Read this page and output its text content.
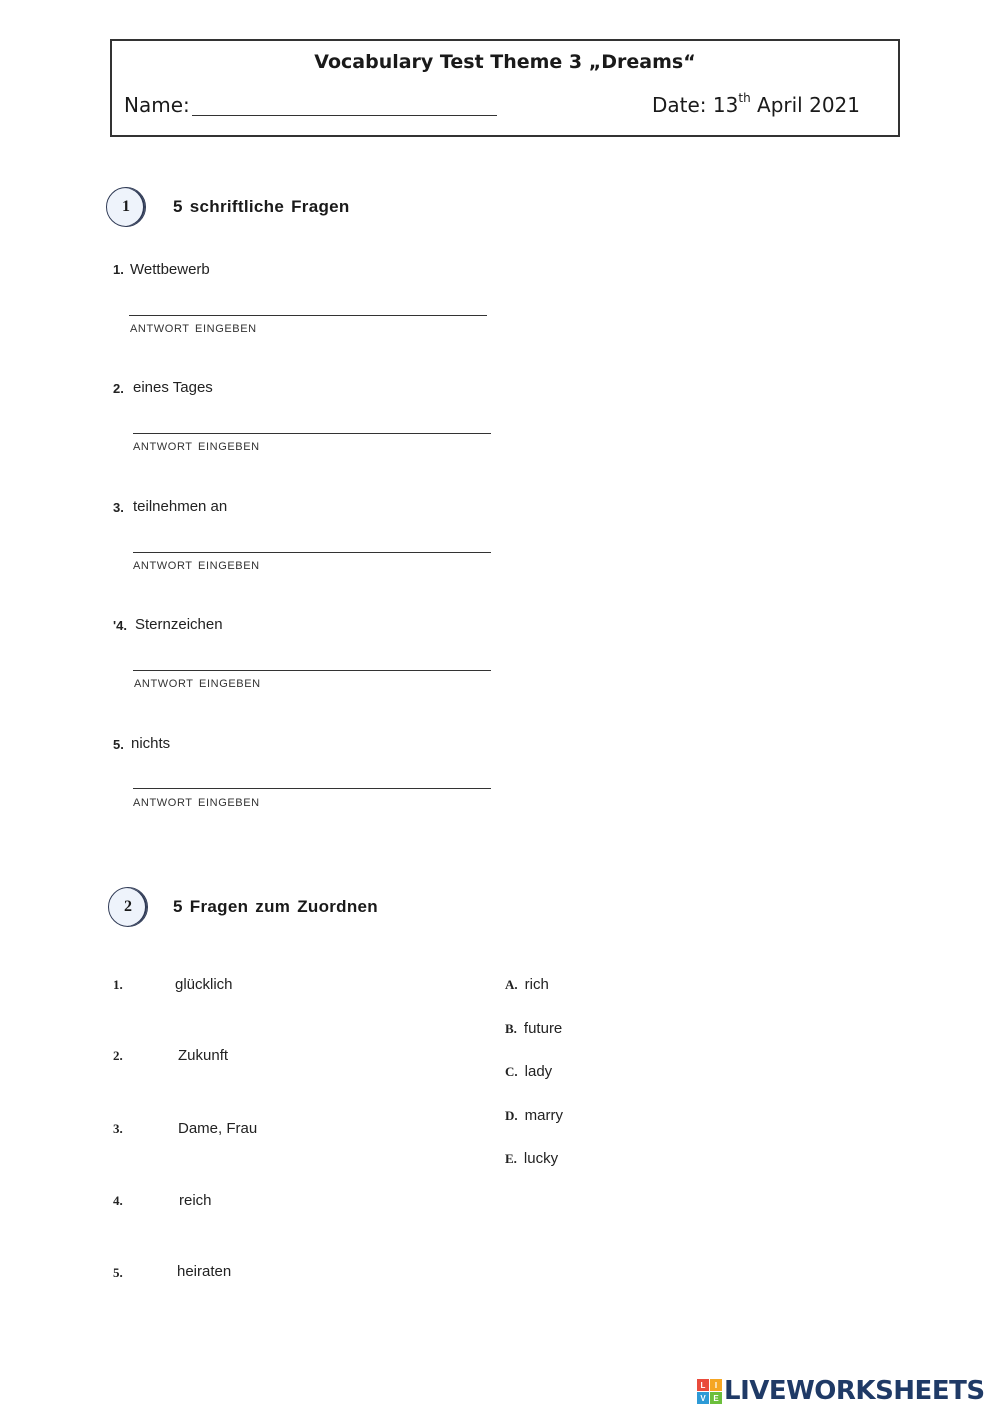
Vocabulary Test Theme 3 „Dreams“
Name:	Date: 13th April 2021
1	5 schriftliche Fragen
1. Wettbewerb
ANTWORT EINGEBEN
2. eines Tages
ANTWORT EINGEBEN
3. teilnehmen an
ANTWORT EINGEBEN
'4. Sternzeichen
ANTWORT EINGEBEN
5. nichts
ANTWORT EINGEBEN
2	5 Fragen zum Zuordnen
1.	glücklich
2.	Zukunft
3.	Dame, Frau
4.	reich
5.	heiraten
A. rich
B. future
C. lady
D. marry
E. lucky
L	I
V E LIVEWORKSHEETS
